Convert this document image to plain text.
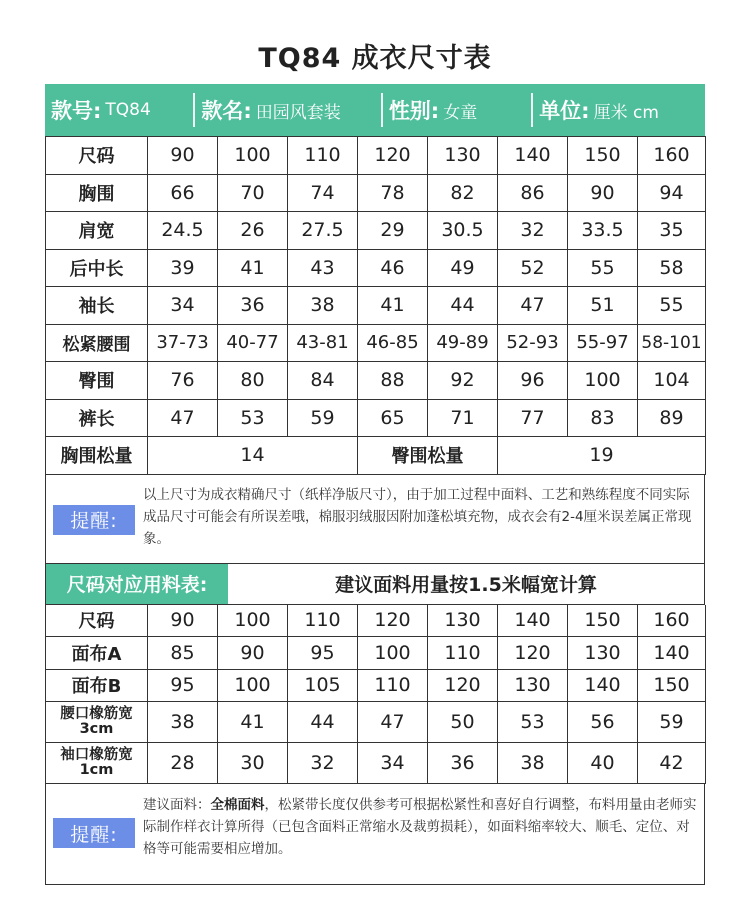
TQ84 成衣尺寸表
款号: TQ84 款名: 田园风套装 性别: 女童	单位: 厘米 cm
尺码	90	100	110	120	130	140	150	160
胸围	66	70	74	78	82	86	90	94
肩宽	24.5	26	27.5	29	30.5	32	33.5	35
后中长	39	41	43	46	49	52	55	58
袖长	34	36	38	41	44	47	51	55
松紧腰围	37-73	40-77	43-81	46-85	49-89	52-93	55-97	58-101
臀围	76	80	84	88	92	96	100	104
裤长	47	53	59	65	71	77	83	89
胸围松量	14			臀围松量		19		
提醒:
以上尺寸为成衣精确尺寸（纸样净版尺寸），由于加工过程中面料、工艺和熟练程度不同实际成品尺寸可能会有所误差哦，棉服羽绒服因附加蓬松填充物，成衣会有2-4厘米误差属正常现象。
尺码对应用料表:	建议面料用量按1.5米幅宽计算
尺码	90	100	110	120	130	140	150	160
面布A	85	90	95	100	110	120	130	140
面布B	95	100	105	110	120	130	140	150
腰口橡筋宽3cm	38	41	44	47	50	53	56	59
袖口橡筋宽1cm	28	30	32	34	36	38	40	42
提醒:
建议面料：全棉面料，松紧带长度仅供参考可根据松紧性和喜好自行调整，布料用量由老师实际制作样衣计算所得（已包含面料正常缩水及裁剪损耗），如面料缩率较大、顺毛、定位、对格等可能需要相应增加。
